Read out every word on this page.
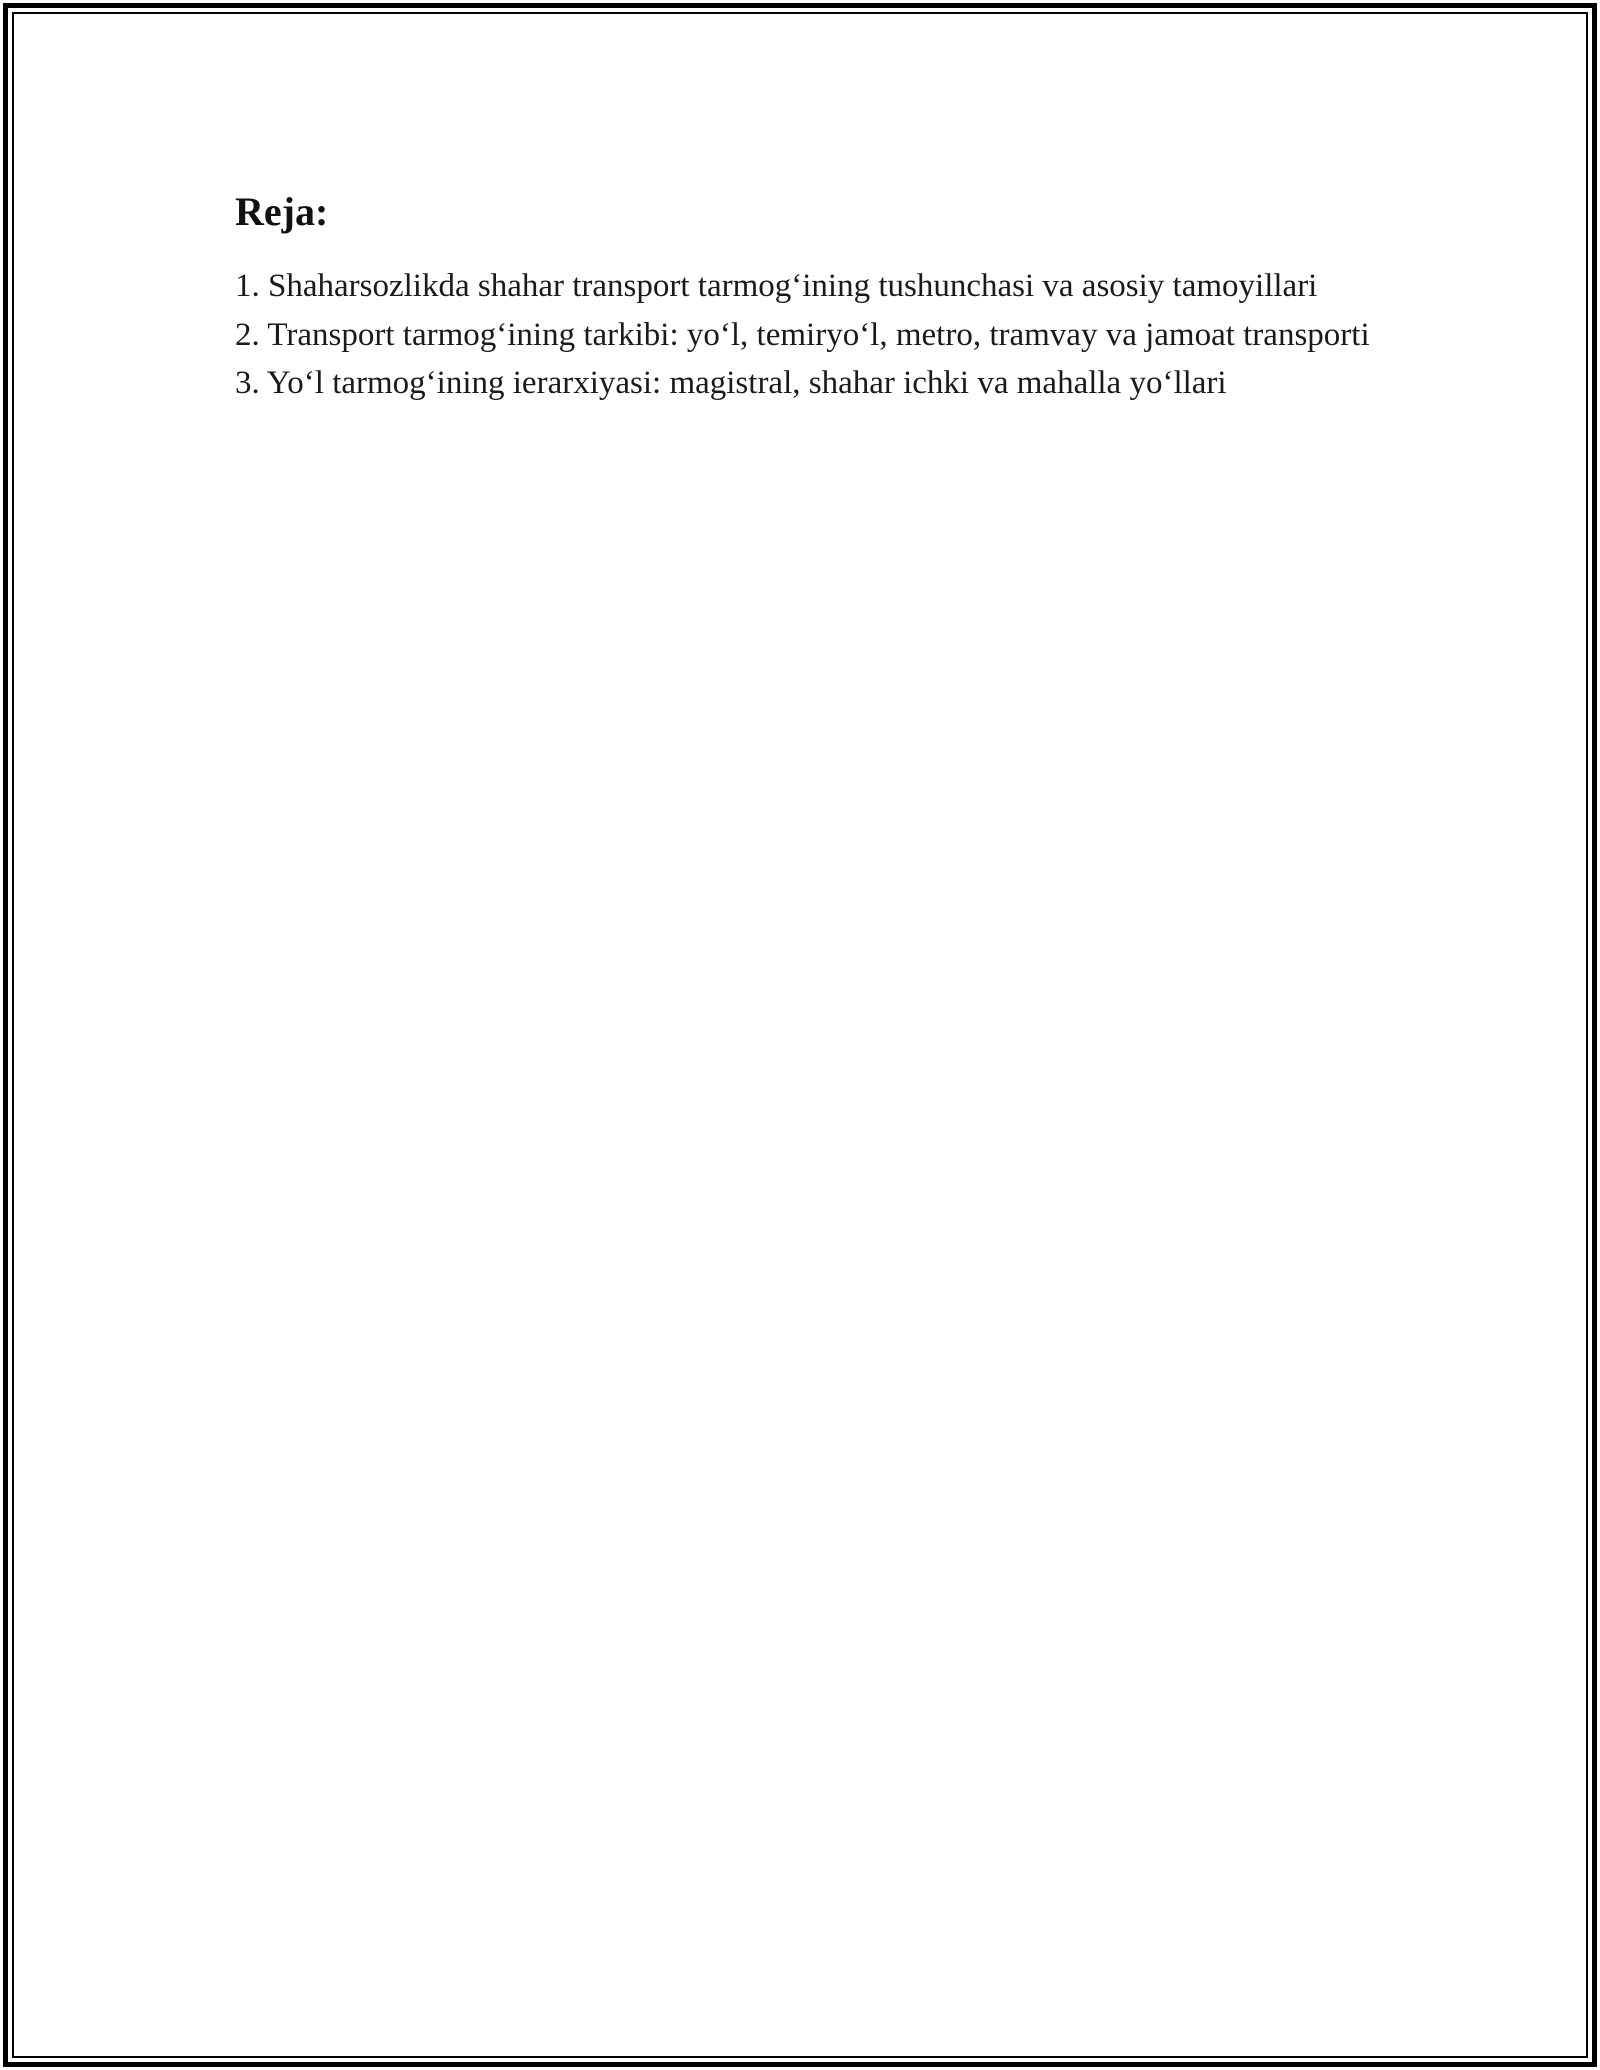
Reja:
1. Shaharsozlikda shahar transport tarmog‘ining tushunchasi va asosiy tamoyillari
2. Transport tarmog‘ining tarkibi: yo‘l, temiryo‘l, metro, tramvay va jamoat transporti
3. Yo‘l tarmog‘ining ierarxiyasi: magistral, shahar ichki va mahalla yo‘llari
